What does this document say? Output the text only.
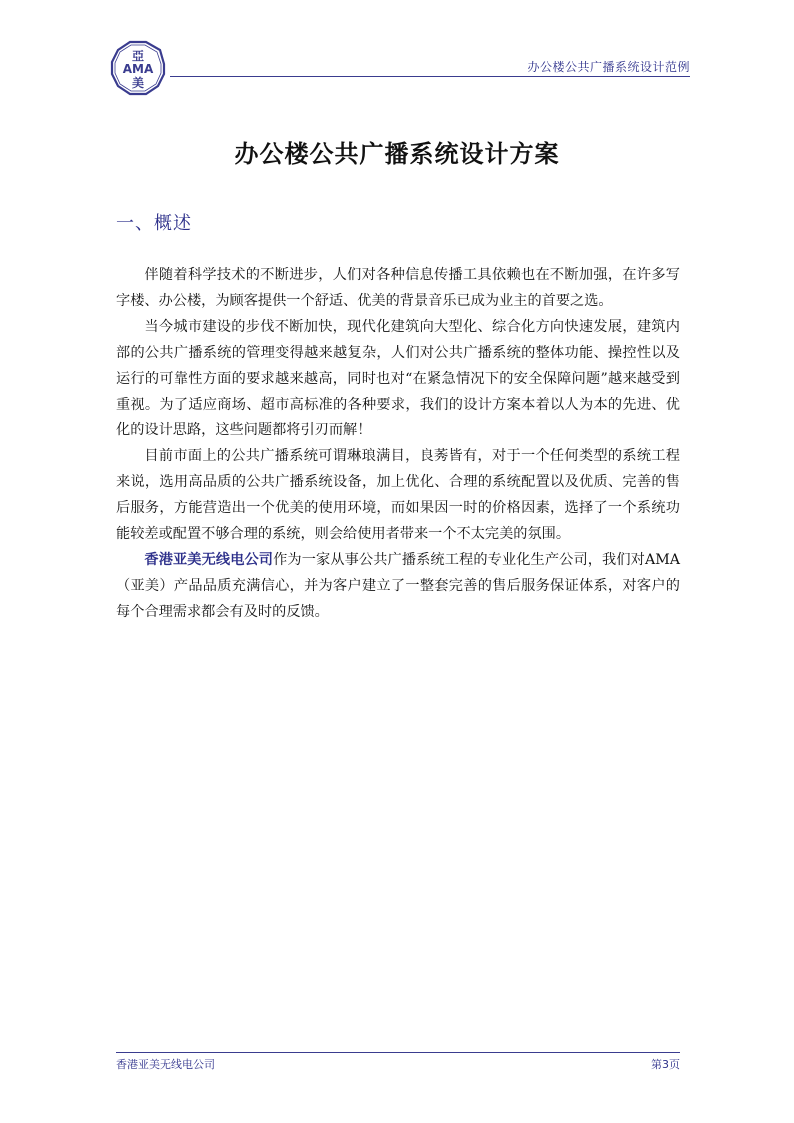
亞
AMA
美
办公楼公共广播系统设计范例
办公楼公共广播系统设计方案
一、概述

伴随着科学技术的不断进步，人们对各种信息传播工具依赖也在不断加强，在许多写字楼、办公楼，为顾客提供一个舒适、优美的背景音乐已成为业主的首要之选。

当今城市建设的步伐不断加快，现代化建筑向大型化、综合化方向快速发展，建筑内部的公共广播系统的管理变得越来越复杂，人们对公共广播系统的整体功能、操控性以及运行的可靠性方面的要求越来越高，同时也对“在紧急情况下的安全保障问题”越来越受到重视。为了适应商场、超市高标准的各种要求，我们的设计方案本着以人为本的先进、优化的设计思路，这些问题都将引刃而解！

目前市面上的公共广播系统可谓琳琅满目，良莠皆有，对于一个任何类型的系统工程来说，选用高品质的公共广播系统设备，加上优化、合理的系统配置以及优质、完善的售后服务，方能营造出一个优美的使用环境，而如果因一时的价格因素，选择了一个系统功能较差或配置不够合理的系统，则会给使用者带来一个不太完美的氛围。

香港亚美无线电公司作为一家从事公共广播系统工程的专业化生产公司，我们对AMA（亚美）产品品质充满信心，并为客户建立了一整套完善的售后服务保证体系，对客户的每个合理需求都会有及时的反馈。

香港亚美无线电公司	第3页
